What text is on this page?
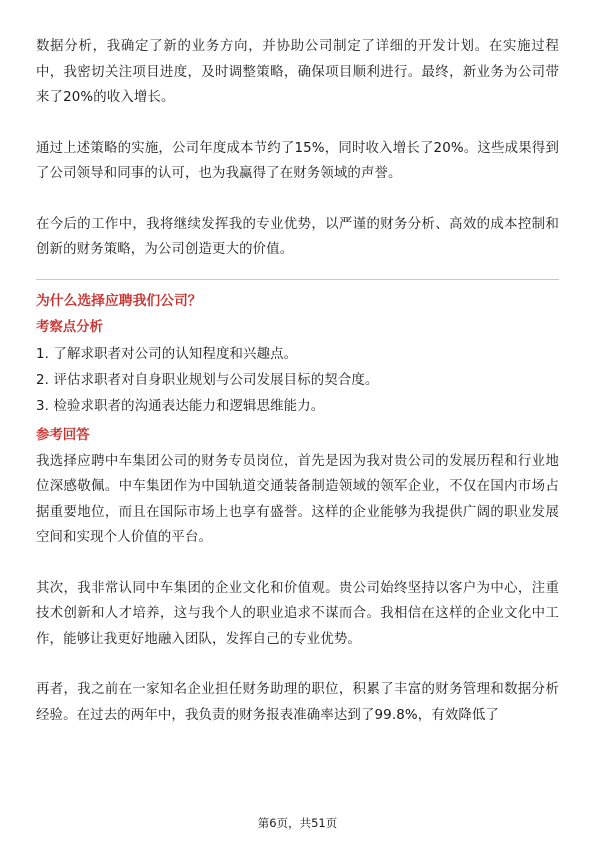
数据分析，我确定了新的业务方向，并协助公司制定了详细的开发计划。在实施过程中，我密切关注项目进度，及时调整策略，确保项目顺利进行。最终，新业务为公司带来了20%的收入增长。

通过上述策略的实施，公司年度成本节约了15%，同时收入增长了20%。这些成果得到了公司领导和同事的认可，也为我赢得了在财务领域的声誉。

在今后的工作中，我将继续发挥我的专业优势，以严谨的财务分析、高效的成本控制和创新的财务策略，为公司创造更大的价值。

为什么选择应聘我们公司？
考察点分析
1. 了解求职者对公司的认知程度和兴趣点。
2. 评估求职者对自身职业规划与公司发展目标的契合度。
3. 检验求职者的沟通表达能力和逻辑思维能力。
参考回答

我选择应聘中车集团公司的财务专员岗位，首先是因为我对贵公司的发展历程和行业地位深感敬佩。中车集团作为中国轨道交通装备制造领域的领军企业，不仅在国内市场占据重要地位，而且在国际市场上也享有盛誉。这样的企业能够为我提供广阔的职业发展空间和实现个人价值的平台。

其次，我非常认同中车集团的企业文化和价值观。贵公司始终坚持以客户为中心，注重技术创新和人才培养，这与我个人的职业追求不谋而合。我相信在这样的企业文化中工作，能够让我更好地融入团队，发挥自己的专业优势。

再者，我之前在一家知名企业担任财务助理的职位，积累了丰富的财务管理和数据分析经验。在过去的两年中，我负责的财务报表准确率达到了99.8%，有效降低了

第6页，共51页
